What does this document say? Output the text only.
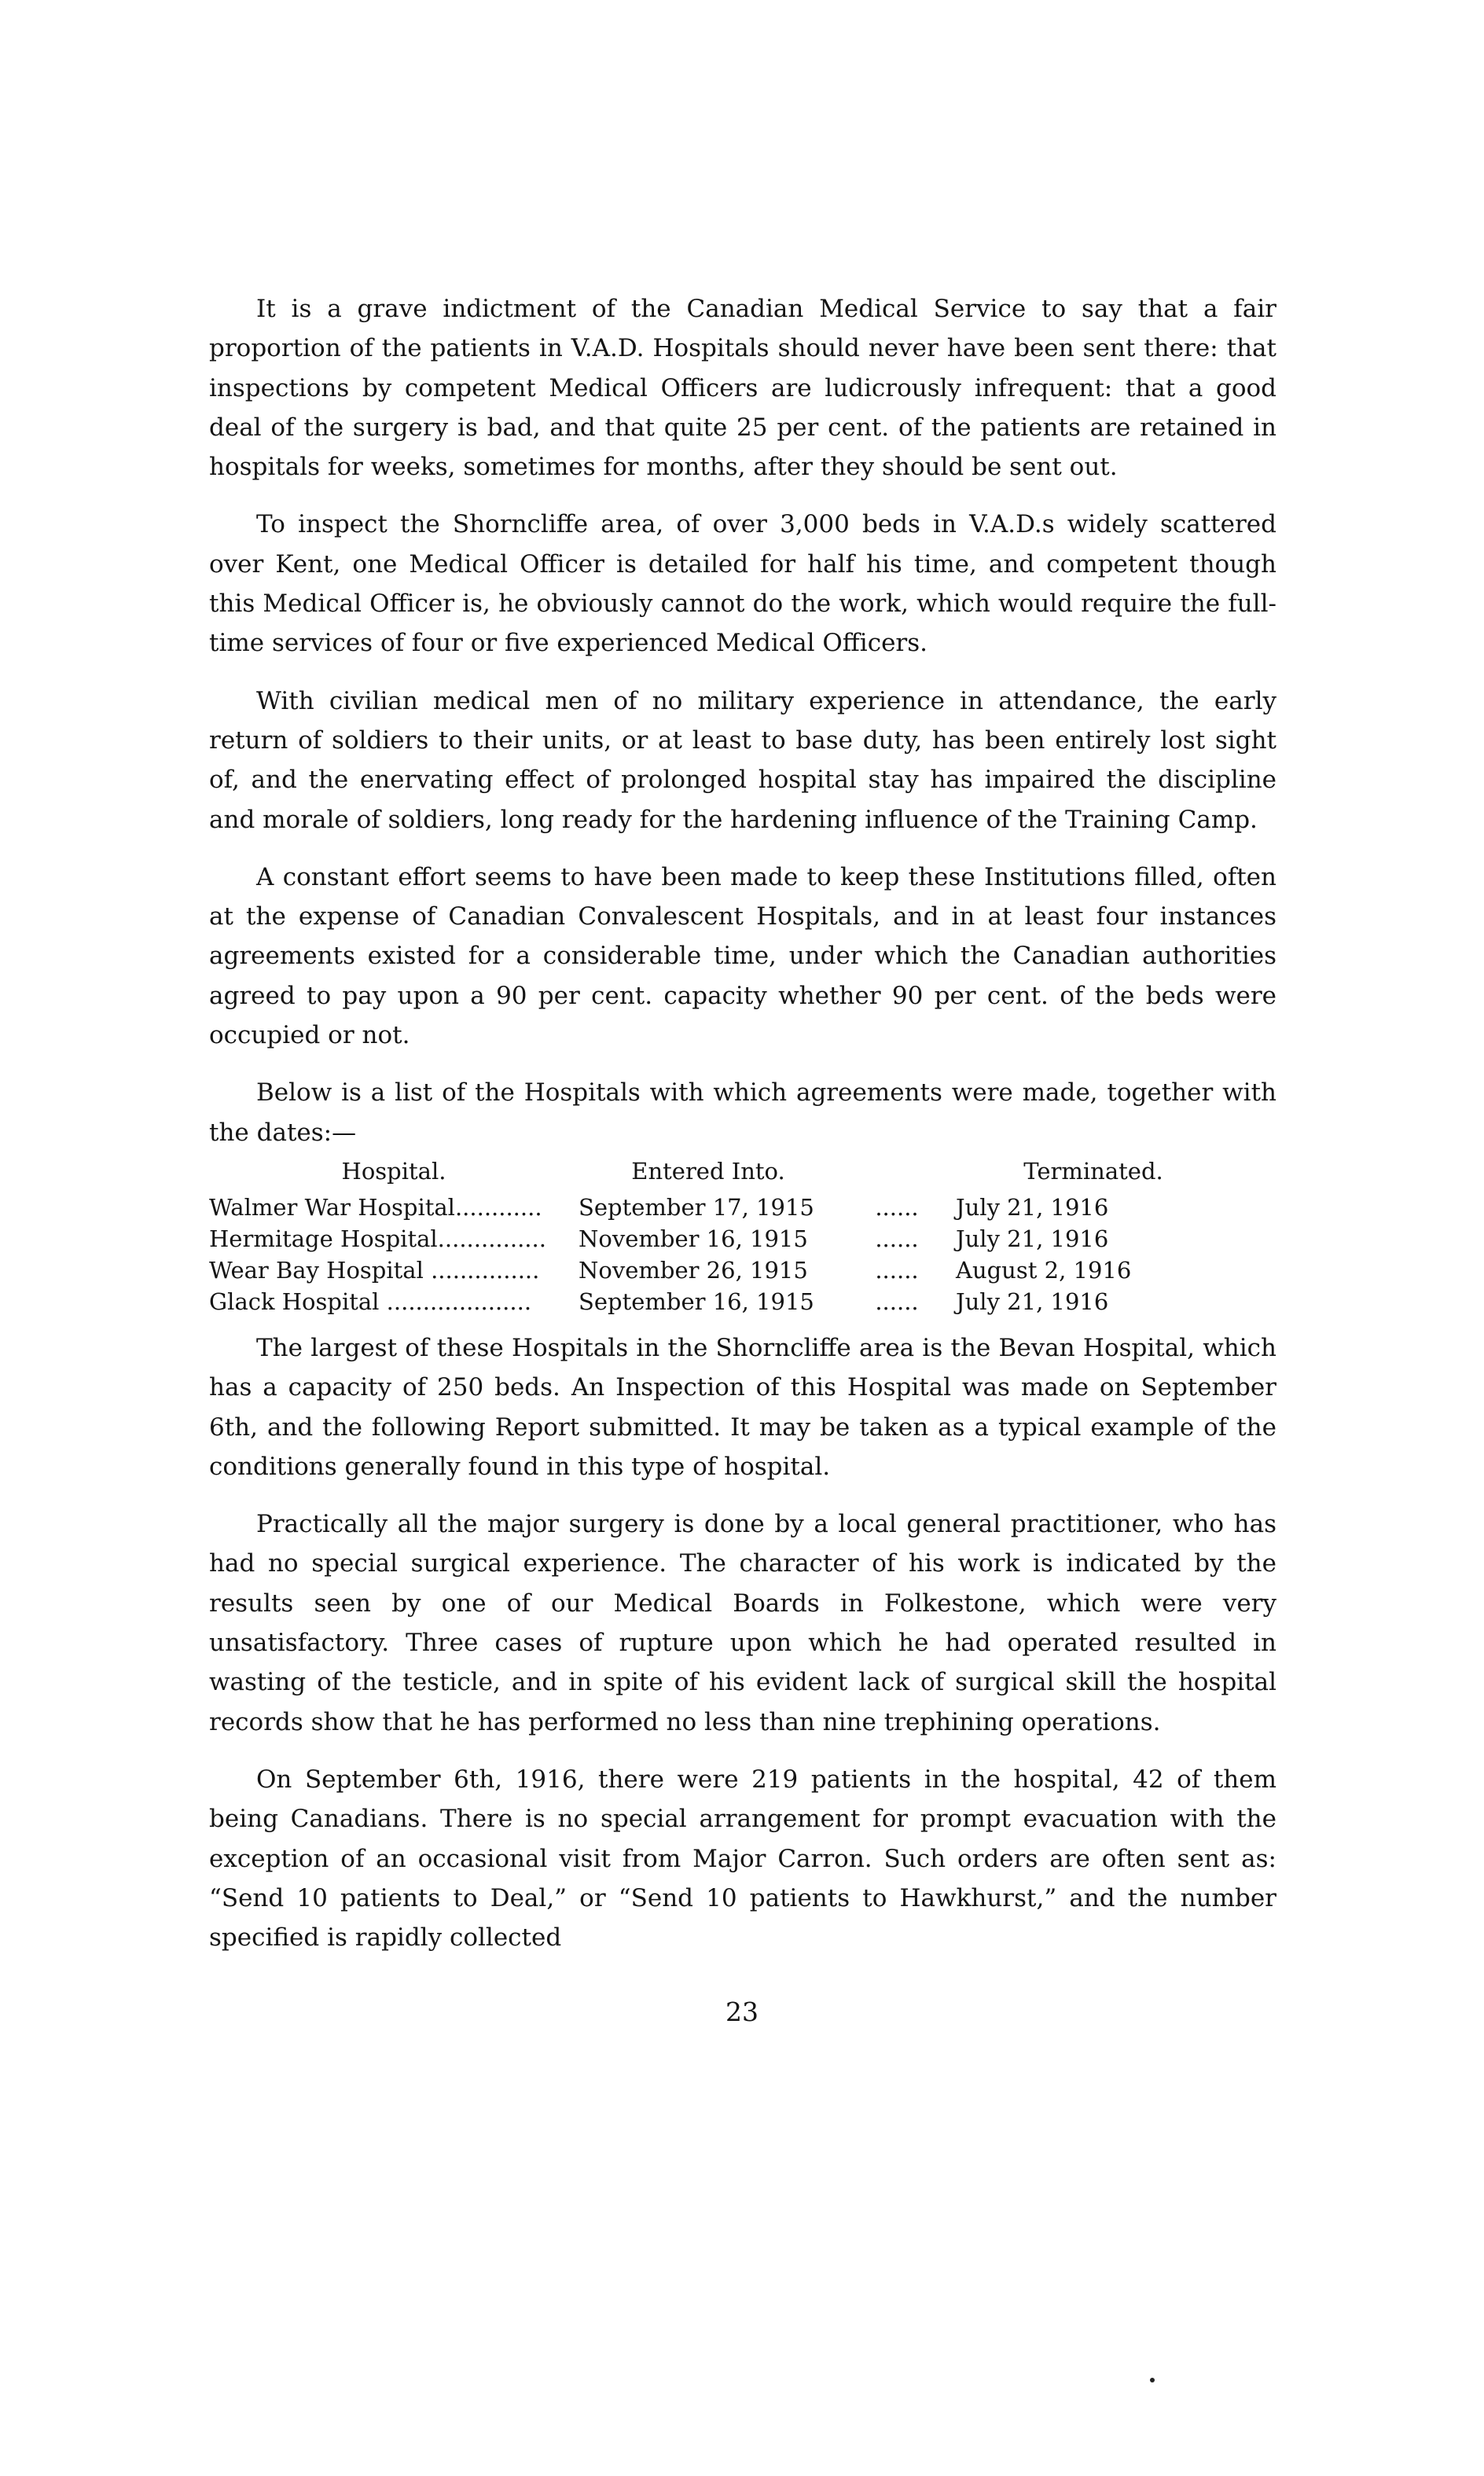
It is a grave indictment of the Canadian Medical Service to say that a fair proportion of the patients in V.A.D. Hospitals should never have been sent there: that inspections by competent Medical Officers are ludicrously infrequent: that a good deal of the surgery is bad, and that quite 25 per cent. of the patients are retained in hospitals for weeks, sometimes for months, after they should be sent out.

To inspect the Shorncliffe area, of over 3,000 beds in V.A.D.s widely scattered over Kent, one Medical Officer is detailed for half his time, and competent though this Medical Officer is, he obviously cannot do the work, which would require the full-time services of four or five experienced Medical Officers.

With civilian medical men of no military experience in attendance, the early return of soldiers to their units, or at least to base duty, has been entirely lost sight of, and the enervating effect of prolonged hospital stay has impaired the discipline and morale of soldiers, long ready for the hardening influence of the Training Camp.

A constant effort seems to have been made to keep these Institutions filled, often at the expense of Canadian Convalescent Hospitals, and in at least four instances agreements existed for a considerable time, under which the Canadian authorities agreed to pay upon a 90 per cent. capacity whether 90 per cent. of the beds were occupied or not.

Below is a list of the Hospitals with which agreements were made, together with the dates:—

Hospital.	Entered Into.		Terminated.
Walmer War Hospital............	September 17, 1915	......	July 21, 1916
Hermitage Hospital...............	November 16, 1915	......	July 21, 1916
Wear Bay Hospital ...............	November 26, 1915	......	August 2, 1916
Glack Hospital ....................	September 16, 1915	......	July 21, 1916

The largest of these Hospitals in the Shorncliffe area is the Bevan Hospital, which has a capacity of 250 beds. An Inspection of this Hospital was made on September 6th, and the following Report submitted. It may be taken as a typical example of the conditions generally found in this type of hospital.

Practically all the major surgery is done by a local general practitioner, who has had no special surgical experience. The character of his work is indicated by the results seen by one of our Medical Boards in Folkestone, which were very unsatisfactory. Three cases of rupture upon which he had operated resulted in wasting of the testicle, and in spite of his evident lack of surgical skill the hospital records show that he has performed no less than nine trephining operations.

On September 6th, 1916, there were 219 patients in the hospital, 42 of them being Canadians. There is no special arrangement for prompt evacuation with the exception of an occasional visit from Major Carron. Such orders are often sent as: “Send 10 patients to Deal,” or “Send 10 patients to Hawkhurst,” and the number specified is rapidly collected

23
